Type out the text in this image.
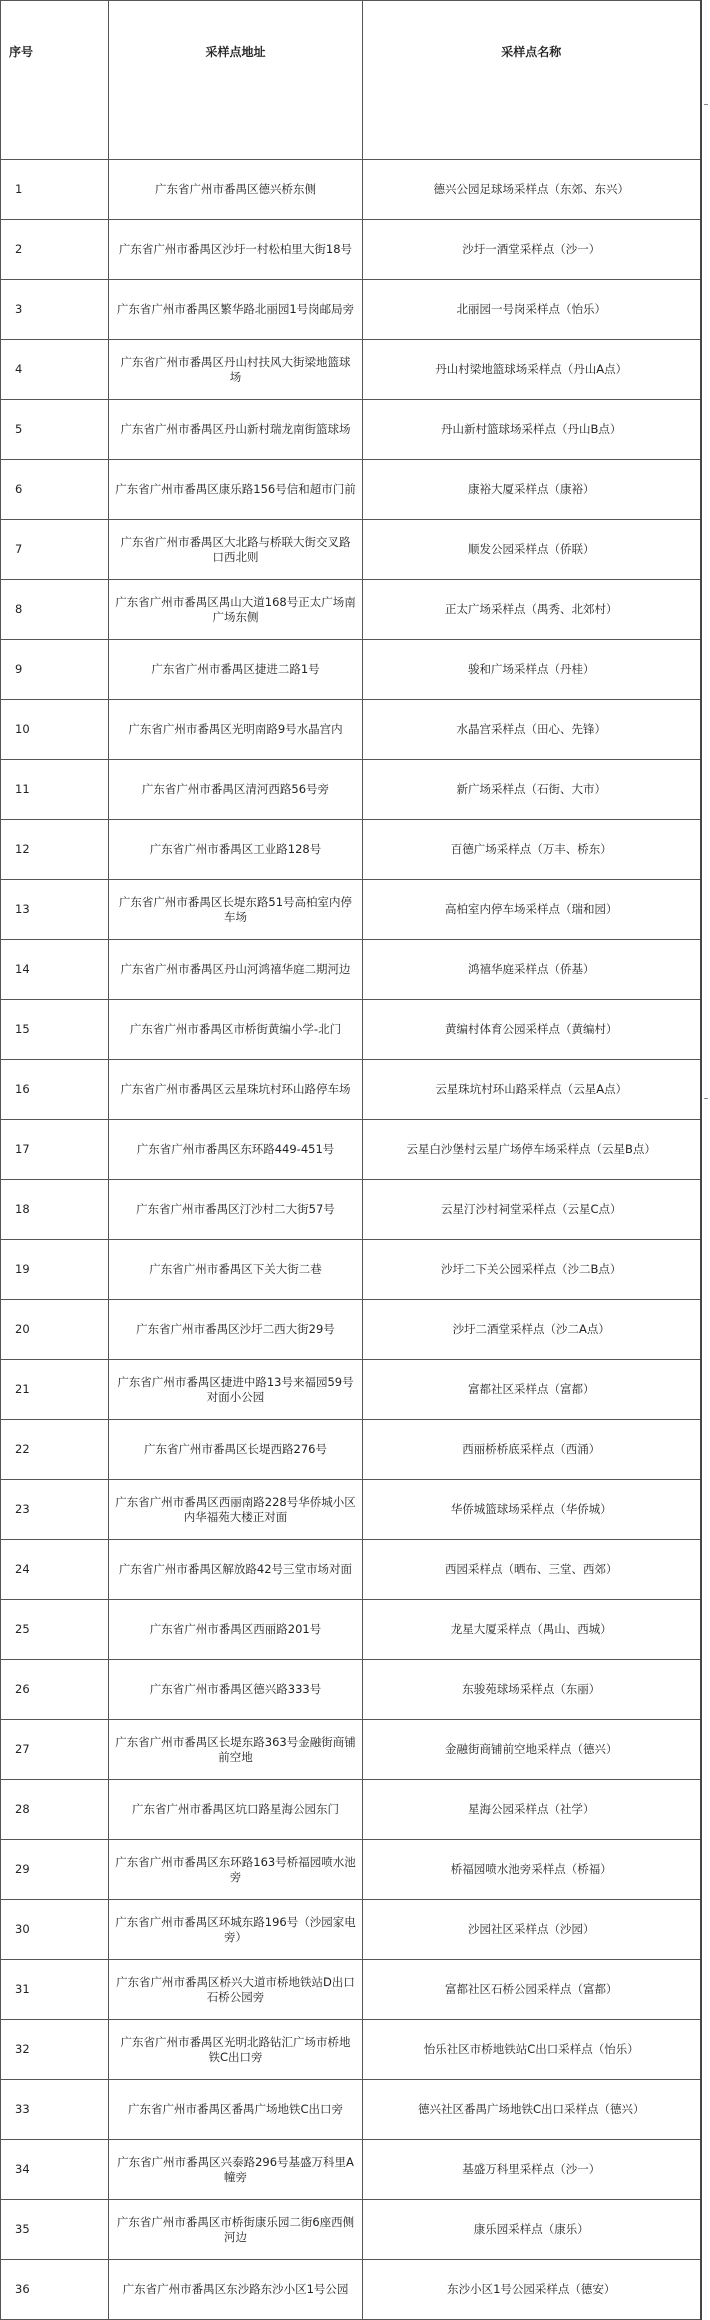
序号	采样点地址	采样点名称
1	广东省广州市番禺区德兴桥东侧	德兴公园足球场采样点（东郊、东兴）
2	广东省广州市番禺区沙圩一村松柏里大街18号	沙圩一酒堂采样点（沙一）
3	广东省广州市番禺区繁华路北丽园1号岗邮局旁	北丽园一号岗采样点（怡乐）
4	广东省广州市番禺区丹山村扶风大街梁地篮球场	丹山村梁地篮球场采样点（丹山A点）
5	广东省广州市番禺区丹山新村瑞龙南街篮球场	丹山新村篮球场采样点（丹山B点）
6	广东省广州市番禺区康乐路156号信和超市门前	康裕大厦采样点（康裕）
7	广东省广州市番禺区大北路与桥联大街交叉路口西北则	顺发公园采样点（侨联）
8	广东省广州市番禺区禺山大道168号正太广场南广场东侧	正太广场采样点（禺秀、北郊村）
9	广东省广州市番禺区捷进二路1号	骏和广场采样点（丹桂）
10	广东省广州市番禺区光明南路9号水晶宫内	水晶宫采样点（田心、先锋）
11	广东省广州市番禺区清河西路56号旁	新广场采样点（石街、大市）
12	广东省广州市番禺区工业路128号	百德广场采样点（万丰、桥东）
13	广东省广州市番禺区长堤东路51号高柏室内停车场	高柏室内停车场采样点（瑞和园）
14	广东省广州市番禺区丹山河鸿禧华庭二期河边	鸿禧华庭采样点（侨基）
15	广东省广州市番禺区市桥街黄编小学-北门	黄编村体育公园采样点（黄编村）
16	广东省广州市番禺区云星珠坑村环山路停车场	云星珠坑村环山路采样点（云星A点）
17	广东省广州市番禺区东环路449-451号	云星白沙堡村云星广场停车场采样点（云星B点）
18	广东省广州市番禺区汀沙村二大街57号	云星汀沙村祠堂采样点（云星C点）
19	广东省广州市番禺区下关大街二巷	沙圩二下关公园采样点（沙二B点）
20	广东省广州市番禺区沙圩二西大街29号	沙圩二酒堂采样点（沙二A点）
21	广东省广州市番禺区捷进中路13号来福园59号对面小公园	富都社区采样点（富都）
22	广东省广州市番禺区长堤西路276号	西丽桥桥底采样点（西涌）
23	广东省广州市番禺区西丽南路228号华侨城小区内华福苑大楼正对面	华侨城篮球场采样点（华侨城）
24	广东省广州市番禺区解放路42号三堂市场对面	西园采样点（晒布、三堂、西郊）
25	广东省广州市番禺区西丽路201号	龙星大厦采样点（禺山、西城）
26	广东省广州市番禺区德兴路333号	东骏苑球场采样点（东丽）
27	广东省广州市番禺区长堤东路363号金融街商铺前空地	金融街商铺前空地采样点（德兴）
28	广东省广州市番禺区坑口路星海公园东门	星海公园采样点（社学）
29	广东省广州市番禺区东环路163号桥福园喷水池旁	桥福园喷水池旁采样点（桥福）
30	广东省广州市番禺区环城东路196号（沙园家电旁）	沙园社区采样点（沙园）
31	广东省广州市番禺区桥兴大道市桥地铁站D出口石桥公园旁	富都社区石桥公园采样点（富都）
32	广东省广州市番禺区光明北路钻汇广场市桥地铁C出口旁	怡乐社区市桥地铁站C出口采样点（怡乐）
33	广东省广州市番禺区番禺广场地铁C出口旁	德兴社区番禺广场地铁C出口采样点（德兴）
34	广东省广州市番禺区兴泰路296号基盛万科里A幢旁	基盛万科里采样点（沙一）
35	广东省广州市番禺区市桥街康乐园二街6座西侧河边	康乐园采样点（康乐）
36	广东省广州市番禺区东沙路东沙小区1号公园	东沙小区1号公园采样点（德安）
